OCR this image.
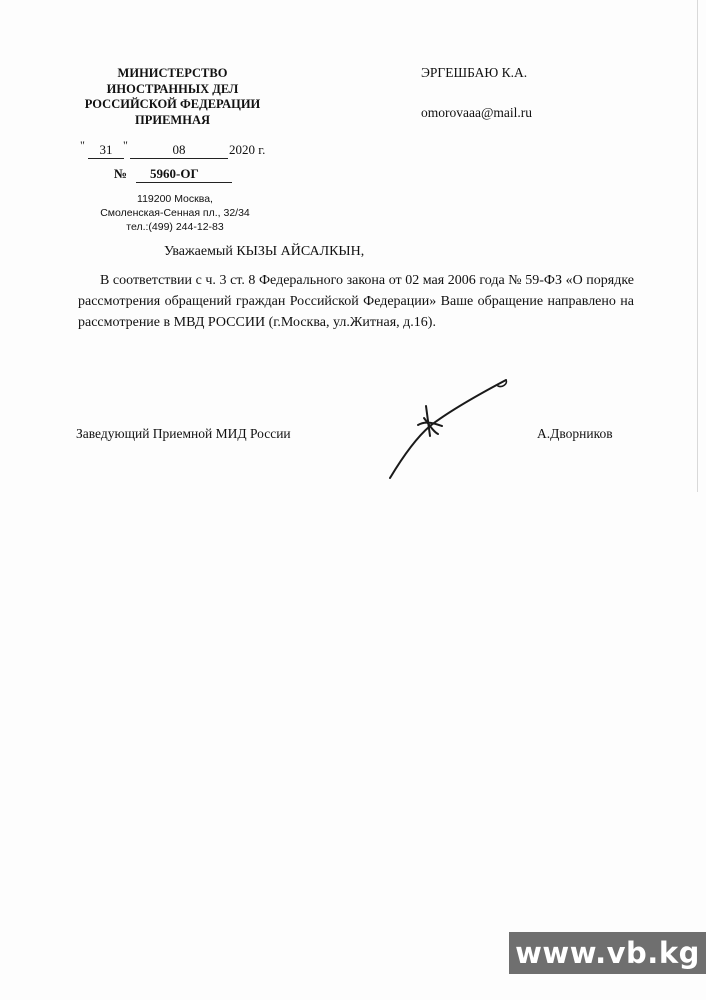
МИНИСТЕРСТВО
ИНОСТРАННЫХ ДЕЛ
РОССИЙСКОЙ ФЕДЕРАЦИИ
ПРИЕМНАЯ
"	31 "	08	2020 г.
№	5960-ОГ
119200 Москва,
Смоленская-Сенная пл., 32/34
тел.:(499) 244-12-83
ЭРГЕШБАЮ К.А.
omorovaaa@mail.ru
Уважаемый КЫЗЫ АЙСАЛКЫН,
В соответствии с ч. 3 ст. 8 Федерального закона от 02 мая 2006 года № 59-ФЗ «О порядке рассмотрения обращений граждан Российской Федерации» Ваше обращение направлено на рассмотрение в МВД РОССИИ (г.Москва, ул.Житная, д.16).
Заведующий Приемной МИД России	А.Дворников
www.vb.kg
